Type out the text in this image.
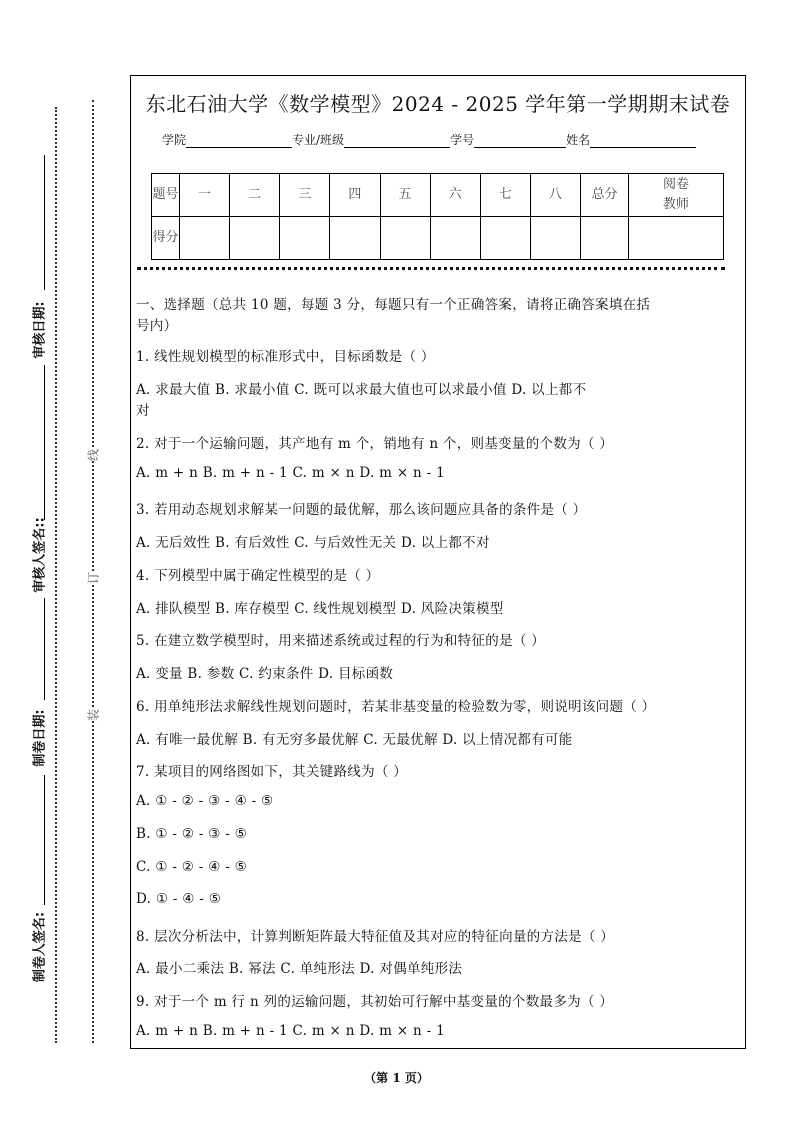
审核日期:
审核人签名::
制卷日期:
制卷人签名:
线
订
装
东北石油大学《数学模型》2024 - 2025 学年第一学期期末试卷
学院	专业/班级	学号	姓名
题号	一	二	三	四	五	六	七	八	总分	阅卷教师
得分										
一、选择题（总共 10 题，每题 3 分，每题只有一个正确答案，请将正确答案填在括
号内）
1. 线性规划模型的标准形式中，目标函数是（ ）
A. 求最大值 B. 求最小值 C. 既可以求最大值也可以求最小值 D. 以上都不
对
2. 对于一个运输问题，其产地有 m 个，销地有 n 个，则基变量的个数为（ ）
A. m + n B. m + n - 1 C. m × n D. m × n - 1
3. 若用动态规划求解某一问题的最优解，那么该问题应具备的条件是（ ）
A. 无后效性 B. 有后效性 C. 与后效性无关 D. 以上都不对
4. 下列模型中属于确定性模型的是（ ）
A. 排队模型 B. 库存模型 C. 线性规划模型 D. 风险决策模型
5. 在建立数学模型时，用来描述系统或过程的行为和特征的是（ ）
A. 变量 B. 参数 C. 约束条件 D. 目标函数
6. 用单纯形法求解线性规划问题时，若某非基变量的检验数为零，则说明该问题（ ）
A. 有唯一最优解 B. 有无穷多最优解 C. 无最优解 D. 以上情况都有可能
7. 某项目的网络图如下，其关键路线为（ ）
A. ① - ② - ③ - ④ - ⑤
B. ① - ② - ③ - ⑤
C. ① - ② - ④ - ⑤
D. ① - ④ - ⑤
8. 层次分析法中，计算判断矩阵最大特征值及其对应的特征向量的方法是（ ）
A. 最小二乘法 B. 幂法 C. 单纯形法 D. 对偶单纯形法
9. 对于一个 m 行 n 列的运输问题，其初始可行解中基变量的个数最多为（ ）
A. m + n B. m + n - 1 C. m × n D. m × n - 1
（第 1 页）
